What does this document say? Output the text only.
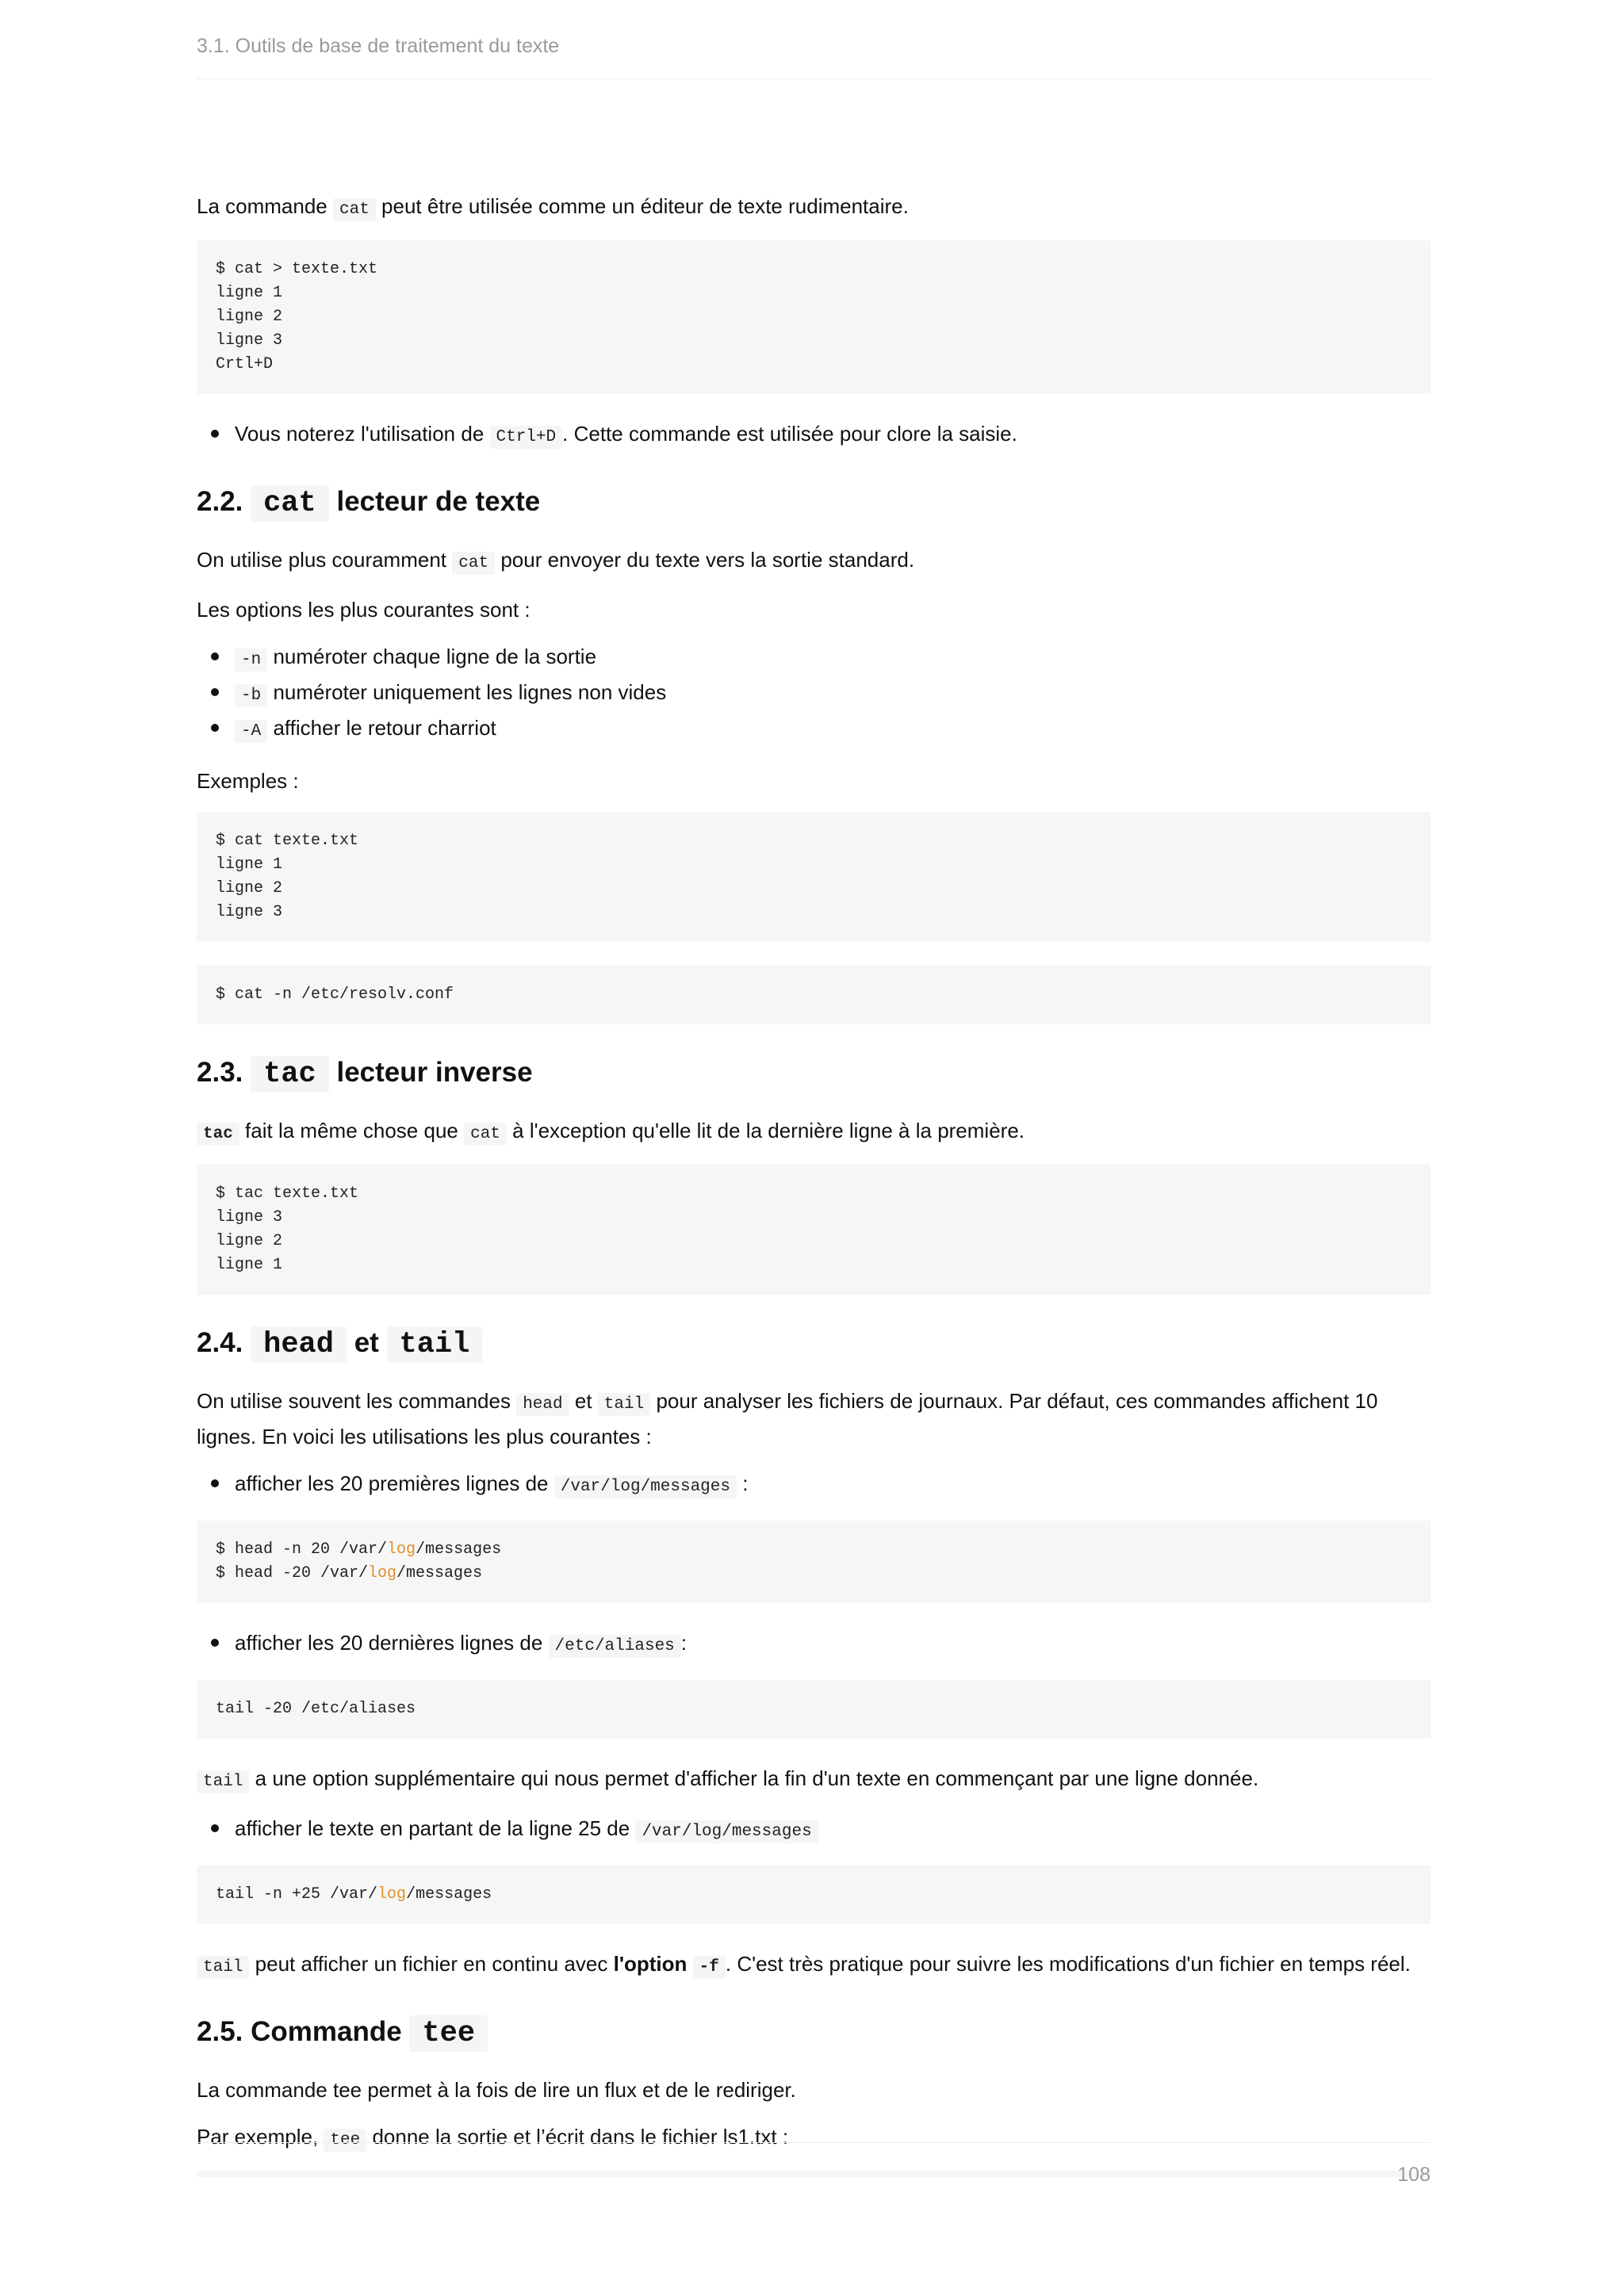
3.1. Outils de base de traitement du texte

La commande cat peut être utilisée comme un éditeur de texte rudimentaire.

$ cat > texte.txt
ligne 1
ligne 2
ligne 3
Crtl+D
Vous noterez l'utilisation de Ctrl+D . Cette commande est utilisée pour clore la saisie.
2.2. cat lecteur de texte

On utilise plus couramment cat pour envoyer du texte vers la sortie standard.

Les options les plus courantes sont :

-n numéroter chaque ligne de la sortie
-b numéroter uniquement les lignes non vides
-A afficher le retour charriot

Exemples :

$ cat texte.txt
ligne 1
ligne 2
ligne 3
$ cat -n /etc/resolv.conf
2.3. tac lecteur inverse

tac fait la même chose que cat à l'exception qu'elle lit de la dernière ligne à la première.

$ tac texte.txt
ligne 3
ligne 2
ligne 1
2.4. head et tail

On utilise souvent les commandes head et tail pour analyser les fichiers de journaux. Par défaut, ces commandes affichent 10 lignes. En voici les utilisations les plus courantes :

afficher les 20 premières lignes de /var/log/messages :
$ head -n 20 /var/log/messages
$ head -20 /var/log/messages
afficher les 20 dernières lignes de /etc/aliases :
tail -20 /etc/aliases

tail a une option supplémentaire qui nous permet d'afficher la fin d'un texte en commençant par une ligne donnée.

afficher le texte en partant de la ligne 25 de /var/log/messages
tail -n +25 /var/log/messages

tail peut afficher un fichier en continu avec l'option -f . C'est très pratique pour suivre les modifications d'un fichier en temps réel.

2.5. Commande tee

La commande tee permet à la fois de lire un flux et de le rediriger.

Par exemple, tee donne la sortie et l’écrit dans le fichier ls1.txt :

108
